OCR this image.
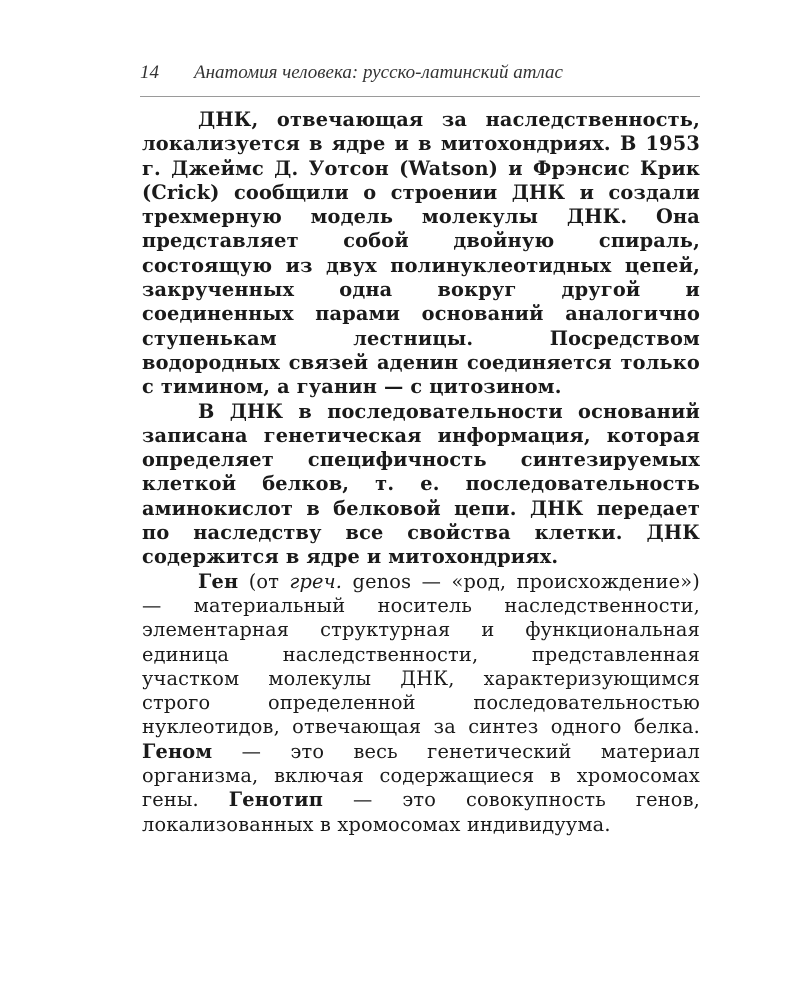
14 Анатомия человека: русско-латинский атлас

ДНК, отвечающая за наследственность, локализуется в ядре и в митохондриях. В 1953 г. Джеймс Д. Уотсон (Watson) и Фрэнсис Крик (Crick) сообщили о строении ДНК и создали трехмерную модель молекулы ДНК. Она представляет собой двойную спираль, состоящую из двух полинуклеотидных цепей, закрученных одна вокруг другой и соединенных парами оснований аналогично ступенькам лестницы. Посредством водородных связей аденин соединяется только с тимином, а гуанин — с цитозином.

В ДНК в последовательности оснований записана генетическая информация, которая определяет специфичность синтезируемых клеткой белков, т. е. последовательность аминокислот в белковой цепи. ДНК передает по наследству все свойства клетки. ДНК содержится в ядре и митохондриях.

Ген (от греч. genos — «род, происхождение») — материальный носитель наследственности, элементарная структурная и функциональная единица наследственности, представленная участком молекулы ДНК, характеризующимся строго определенной последовательностью нуклеотидов, отвечающая за синтез одного белка. Геном — это весь генетический материал организма, включая содержащиеся в хромосомах гены. Генотип — это совокупность генов, локализованных в хромосомах индивидуума.
